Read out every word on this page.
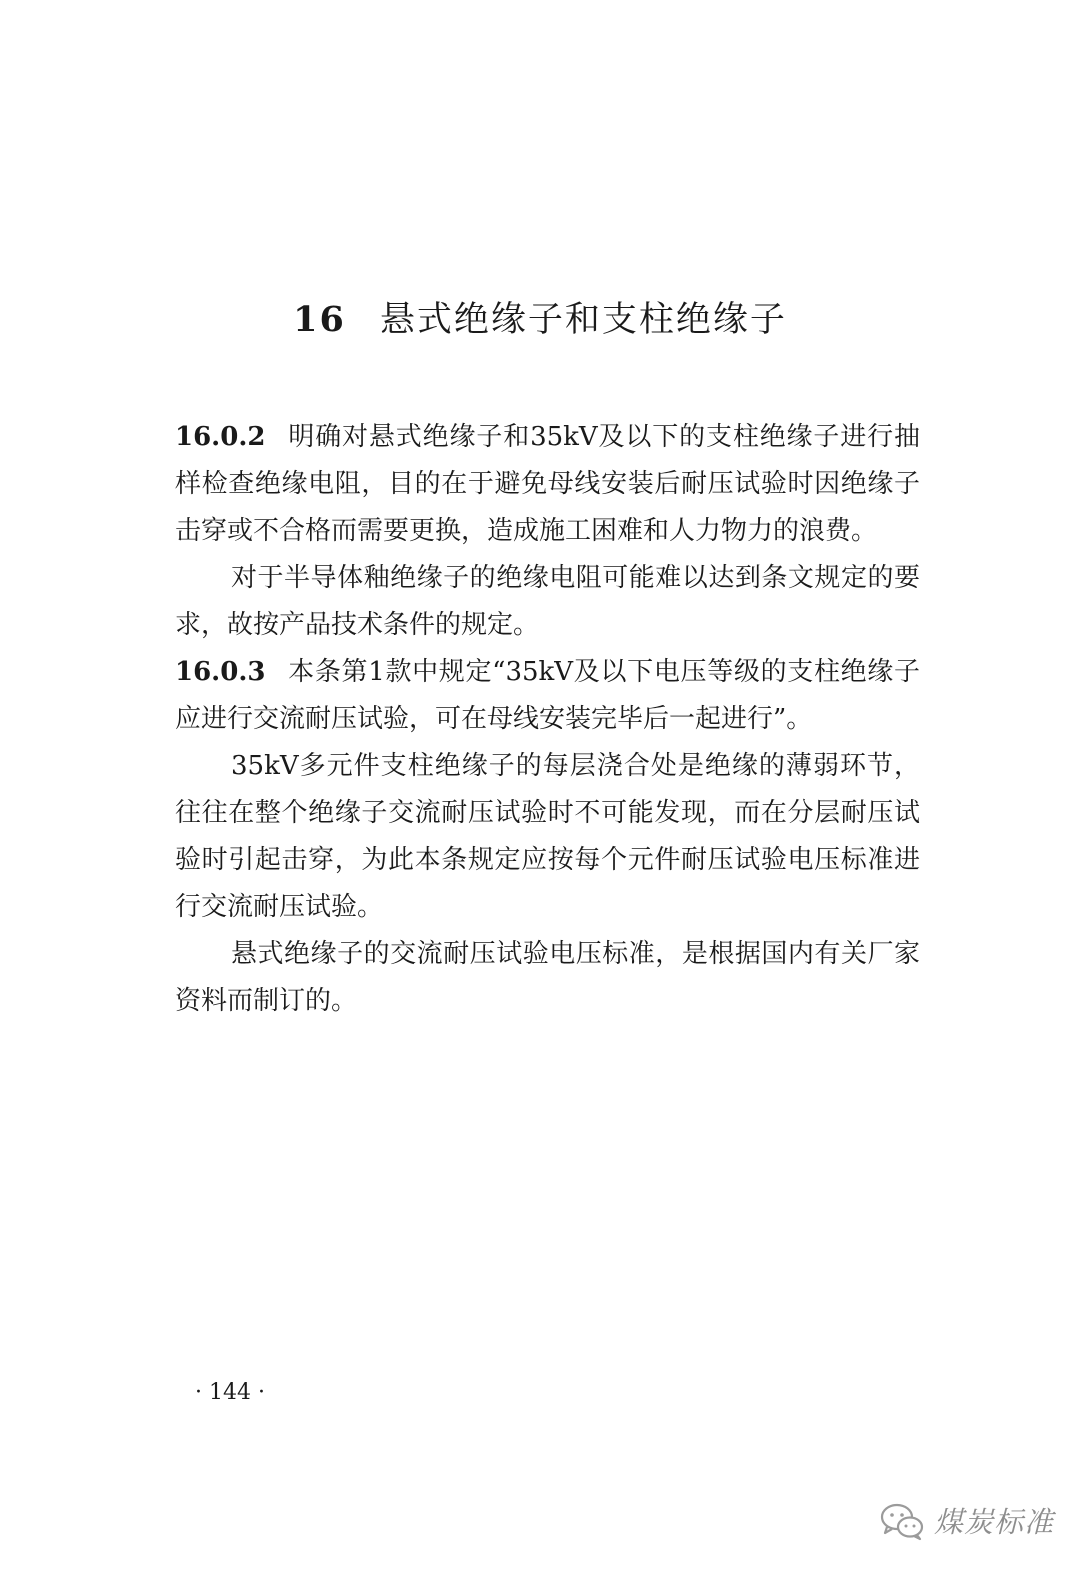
16 悬式绝缘子和支柱绝缘子

16.0.2 明确对悬式绝缘子和35kV及以下的支柱绝缘子进行抽样检查绝缘电阻，目的在于避免母线安装后耐压试验时因绝缘子击穿或不合格而需要更换，造成施工困难和人力物力的浪费。

对于半导体釉绝缘子的绝缘电阻可能难以达到条文规定的要求，故按产品技术条件的规定。

16.0.3 本条第1款中规定“35kV及以下电压等级的支柱绝缘子应进行交流耐压试验，可在母线安装完毕后一起进行”。

35kV多元件支柱绝缘子的每层浇合处是绝缘的薄弱环节，往往在整个绝缘子交流耐压试验时不可能发现，而在分层耐压试验时引起击穿，为此本条规定应按每个元件耐压试验电压标准进行交流耐压试验。

悬式绝缘子的交流耐压试验电压标准，是根据国内有关厂家资料而制订的。

· 144 ·
煤炭标准
